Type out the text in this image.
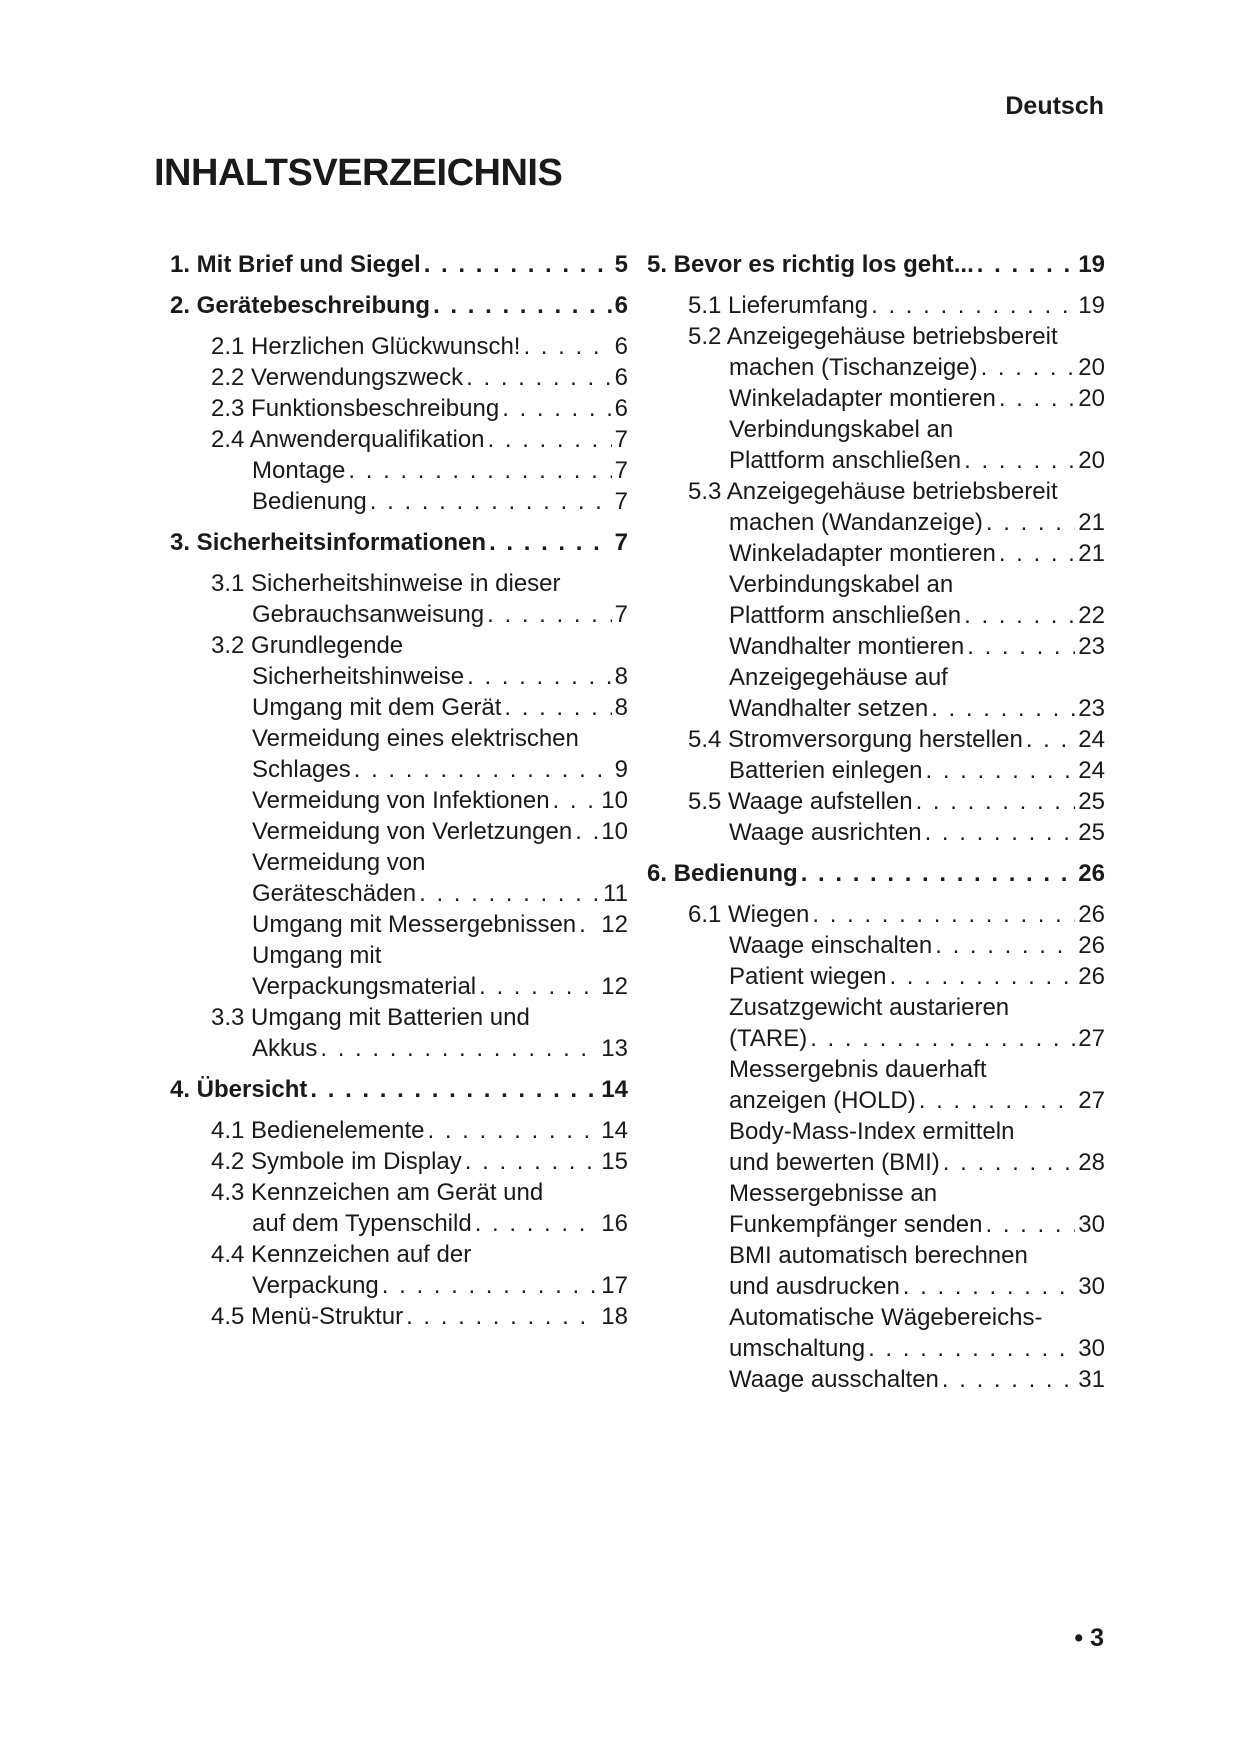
Deutsch
INHALTSVERZEICHNIS
1. Mit Brief und Siegel . . .	5
2. Gerätebeschreibung . . .	6
2.1 Herzlichen Glückwunsch! . . .	6
2.2 Verwendungszweck . . .	6
2.3 Funktionsbeschreibung . . .	6
2.4 Anwenderqualifikation . . .	7
Montage . . .	7
Bedienung . . .	7
3. Sicherheitsinformationen . . .	7
3.1 Sicherheitshinweise in dieser
Gebrauchsanweisung . . .	7
3.2 Grundlegende
Sicherheitshinweise . . .	8
Umgang mit dem Gerät . . .	8
Vermeidung eines elektrischen
Schlages . . .	9
Vermeidung von Infektionen . . . 10
Vermeidung von Verletzungen . . . 10
Vermeidung von
Geräteschäden . . .	11
Umgang mit Messergebnissen . . . 12
Umgang mit
Verpackungsmaterial . . .	12
3.3 Umgang mit Batterien und
Akkus . . .	13
4. Übersicht . . .	14
4.1 Bedienelemente . . .	14
4.2 Symbole im Display . . .	15
4.3 Kennzeichen am Gerät und
auf dem Typenschild . . .	16
4.4 Kennzeichen auf der
Verpackung . . .	17
4.5 Menü-Struktur . . .	18
5. Bevor es richtig los geht... . . .	19
5.1 Lieferumfang . . .	19
5.2 Anzeigegehäuse betriebsbereit
machen (Tischanzeige) . . .	20
Winkeladapter montieren . . .	20
Verbindungskabel an
Plattform anschließen . . .	20
5.3 Anzeigegehäuse betriebsbereit
machen (Wandanzeige) . . .	21
Winkeladapter montieren . . .	21
Verbindungskabel an
Plattform anschließen . . .	22
Wandhalter montieren . . .	23
Anzeigegehäuse auf
Wandhalter setzen . . .	23
5.4 Stromversorgung herstellen . . . 24
Batterien einlegen . . .	24
5.5 Waage aufstellen . . .	25
Waage ausrichten . . .	25
6. Bedienung . . .	26
6.1 Wiegen . . .	26
Waage einschalten . . .	26
Patient wiegen . . .	26
Zusatzgewicht austarieren
(TARE) . . .	27
Messergebnis dauerhaft
anzeigen (HOLD) . . .	27
Body-Mass-Index ermitteln
und bewerten (BMI) . . .	28
Messergebnisse an
Funkempfänger senden . . .	30
BMI automatisch berechnen
und ausdrucken . . .	30
Automatische Wägebereichs-
umschaltung . . .	30
Waage ausschalten . . .	31
• 3
